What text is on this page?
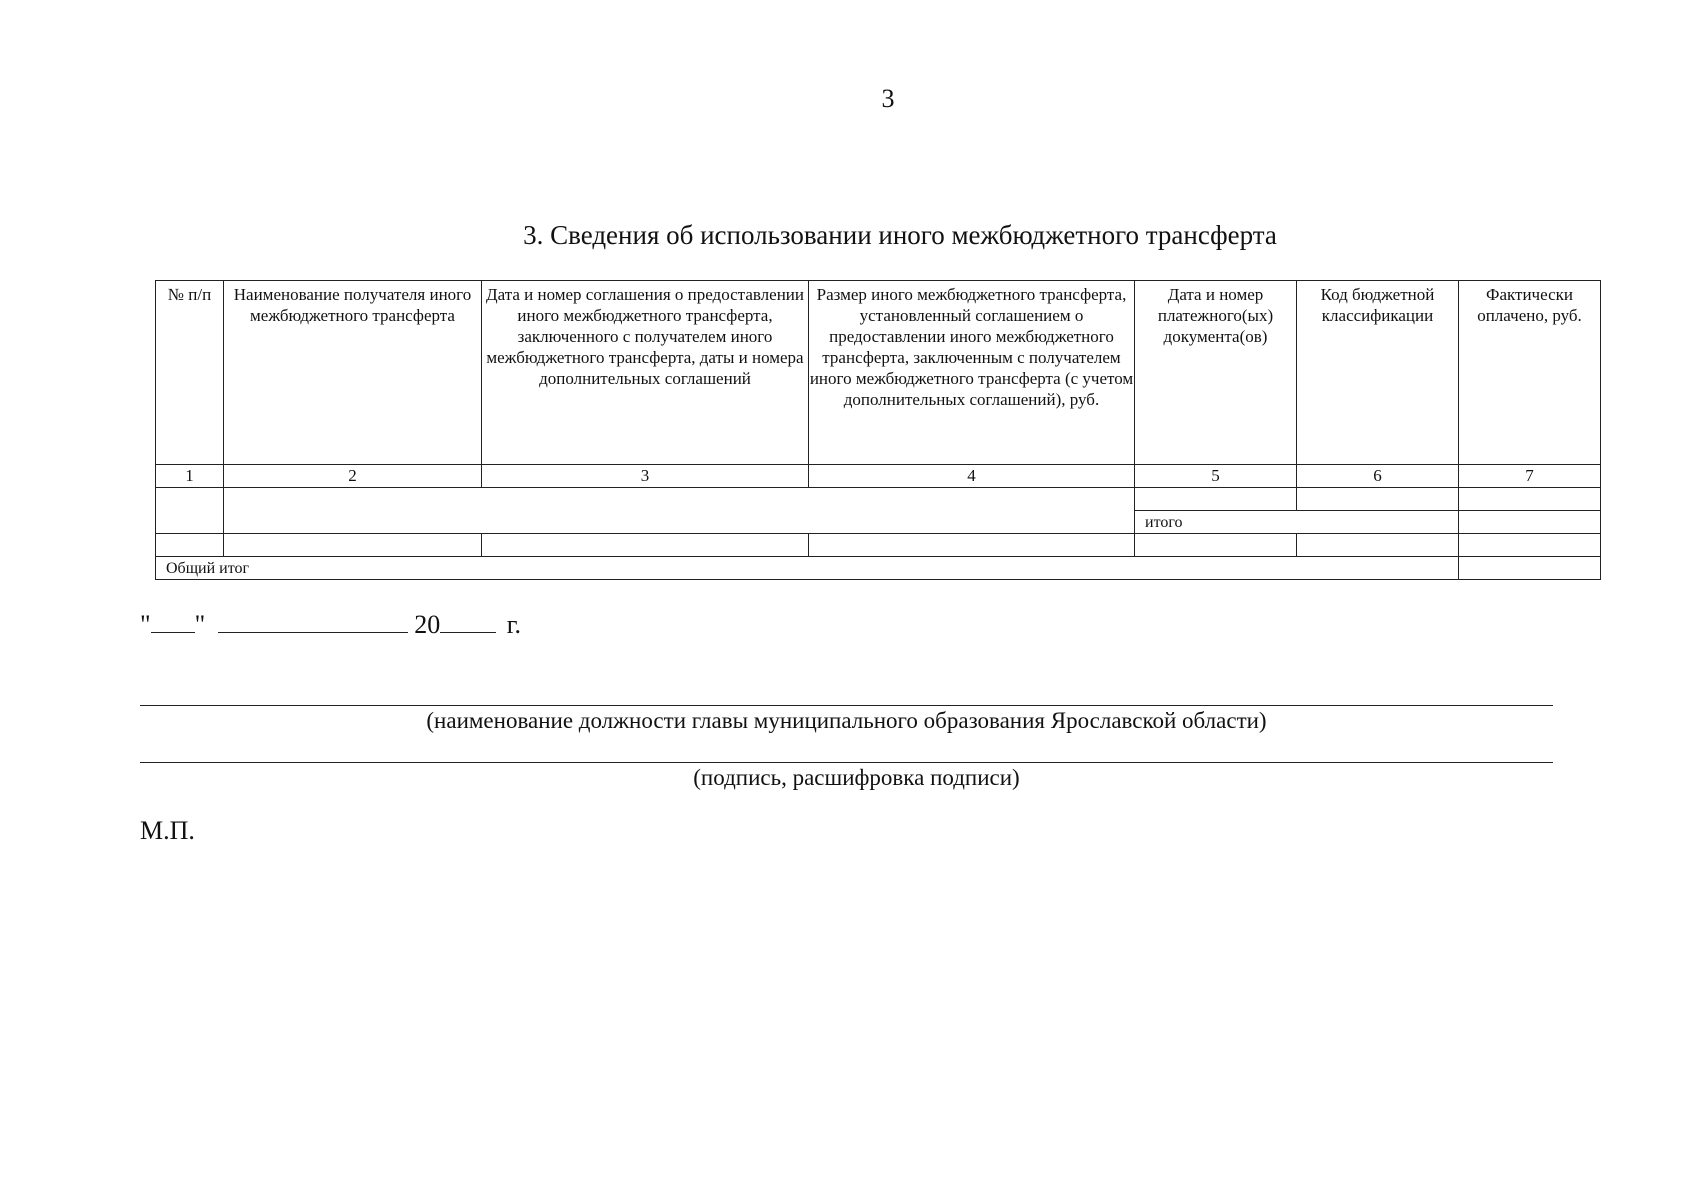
3
3. Сведения об использовании иного межбюджетного трансферта
№ п/п	Наименование получателя иного межбюджетного трансферта	Дата и номер соглашения о предоставлении иного межбюджетного трансферта, заключенного с получателем иного межбюджетного трансферта, даты и номера дополнительных соглашений	Размер иного межбюджетного трансферта, установленный соглашением о предоставлении иного межбюджетного трансферта, заключенным с получателем иного межбюджетного трансферта (с учетом дополнительных соглашений), руб.	Дата и номер платежного(ых) документа(ов)	Код бюджетной классификации	Фактически оплачено, руб.
1	2	3	4	5	6	7

				итого		

Общий итог						
" "	20	г.
(наименование должности главы муниципального образования Ярославской области)
(подпись, расшифровка подписи)
М.П.
